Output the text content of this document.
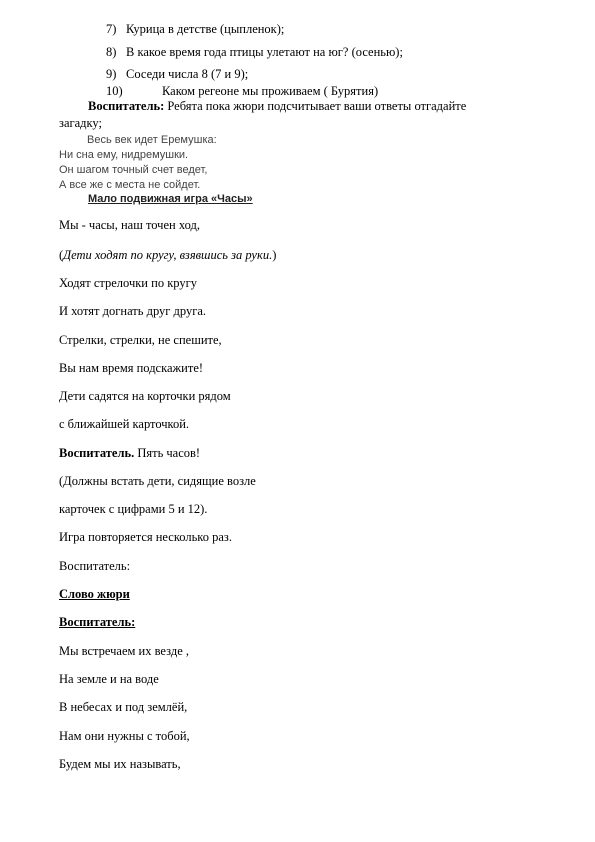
7) Курица в детстве (цыпленок);
8) В какое время года птицы улетают на юг? (осенью);
9) Соседи числа 8 (7 и 9);
10)	Каком регеоне мы проживаем ( Бурятия)
Воспитатель: Ребята пока жюри подсчитывает ваши ответы отгадайте
загадку;
Весь век идет Еремушка:
Ни сна ему, нидремушки.
Он шагом точный счет ведет,
А все же с места не сойдет.
Мало подвижная игра «Часы»
Мы - часы, наш точен ход,
(Дети ходят по кругу, взявшись за руки.)
Ходят стрелочки по кругу
И хотят догнать друг друга.
Стрелки, стрелки, не спешите,
Вы нам время подскажите!
Дети садятся на корточки рядом
с ближайшей карточкой.
Воспитатель. Пять часов!
(Должны встать дети, сидящие возле
карточек с цифрами 5 и 12).
Игра повторяется несколько раз.
Воспитатель:
Слово жюри
Воспитатель:
Мы встречаем их везде ,
На земле и на воде
В небесах и под землёй,
Нам они нужны с тобой,
Будем мы их называть,
